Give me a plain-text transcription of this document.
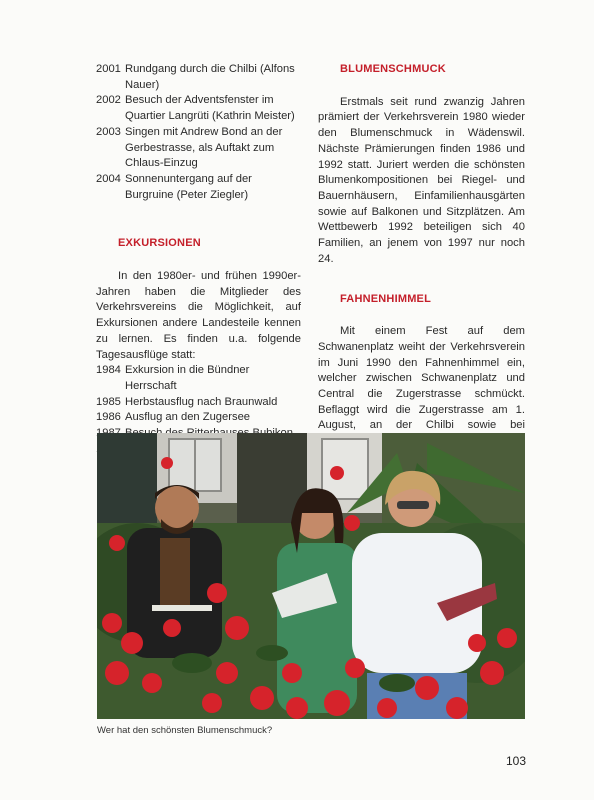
2001 Rundgang durch die Chilbi (Alfons Nauer)
2002 Besuch der Adventsfenster im Quartier Langrüti (Kathrin Meister)
2003 Singen mit Andrew Bond an der Gerbestrasse, als Auftakt zum Chlaus-Einzug
2004 Sonnenuntergang auf der Burgruine (Peter Ziegler)
EXKURSIONEN

In den 1980er- und frühen 1990er-Jahren haben die Mitglieder des Verkehrsvereins die Möglichkeit, auf Exkursionen andere Landesteile kennen zu lernen. Es finden u.a. folgende Tagesausflüge statt:

1984 Exkursion in die Bündner Herrschaft
1985 Herbstausflug nach Braunwald
1986 Ausflug an den Zugersee
BLUMENSCHMUCK

Erstmals seit rund zwanzig Jahren prämiert der Verkehrsverein 1980 wieder den Blumenschmuck in Wädenswil. Nächste Prämierungen finden 1986 und 1992 statt. Juriert werden die schönsten Blumenkompositionen bei Riegel- und Bauernhäusern, Einfamilienhausgärten sowie auf Balkonen und Sitzplätzen. Am Wettbewerb 1992 beteiligen sich 40 Familien, an jenem von 1997 nur noch 24.

FAHNENHIMMEL

Mit einem Fest auf dem Schwanenplatz weiht der Verkehrsverein im Juni 1990 den Fahnenhimmel ein, welcher zwischen Schwanenplatz und Central die Zugerstrasse schmückt. Beflaggt wird die Zugerstrasse am 1. August, an der Chilbi sowie bei

Wer hat den schönsten Blumenschmuck?
103
